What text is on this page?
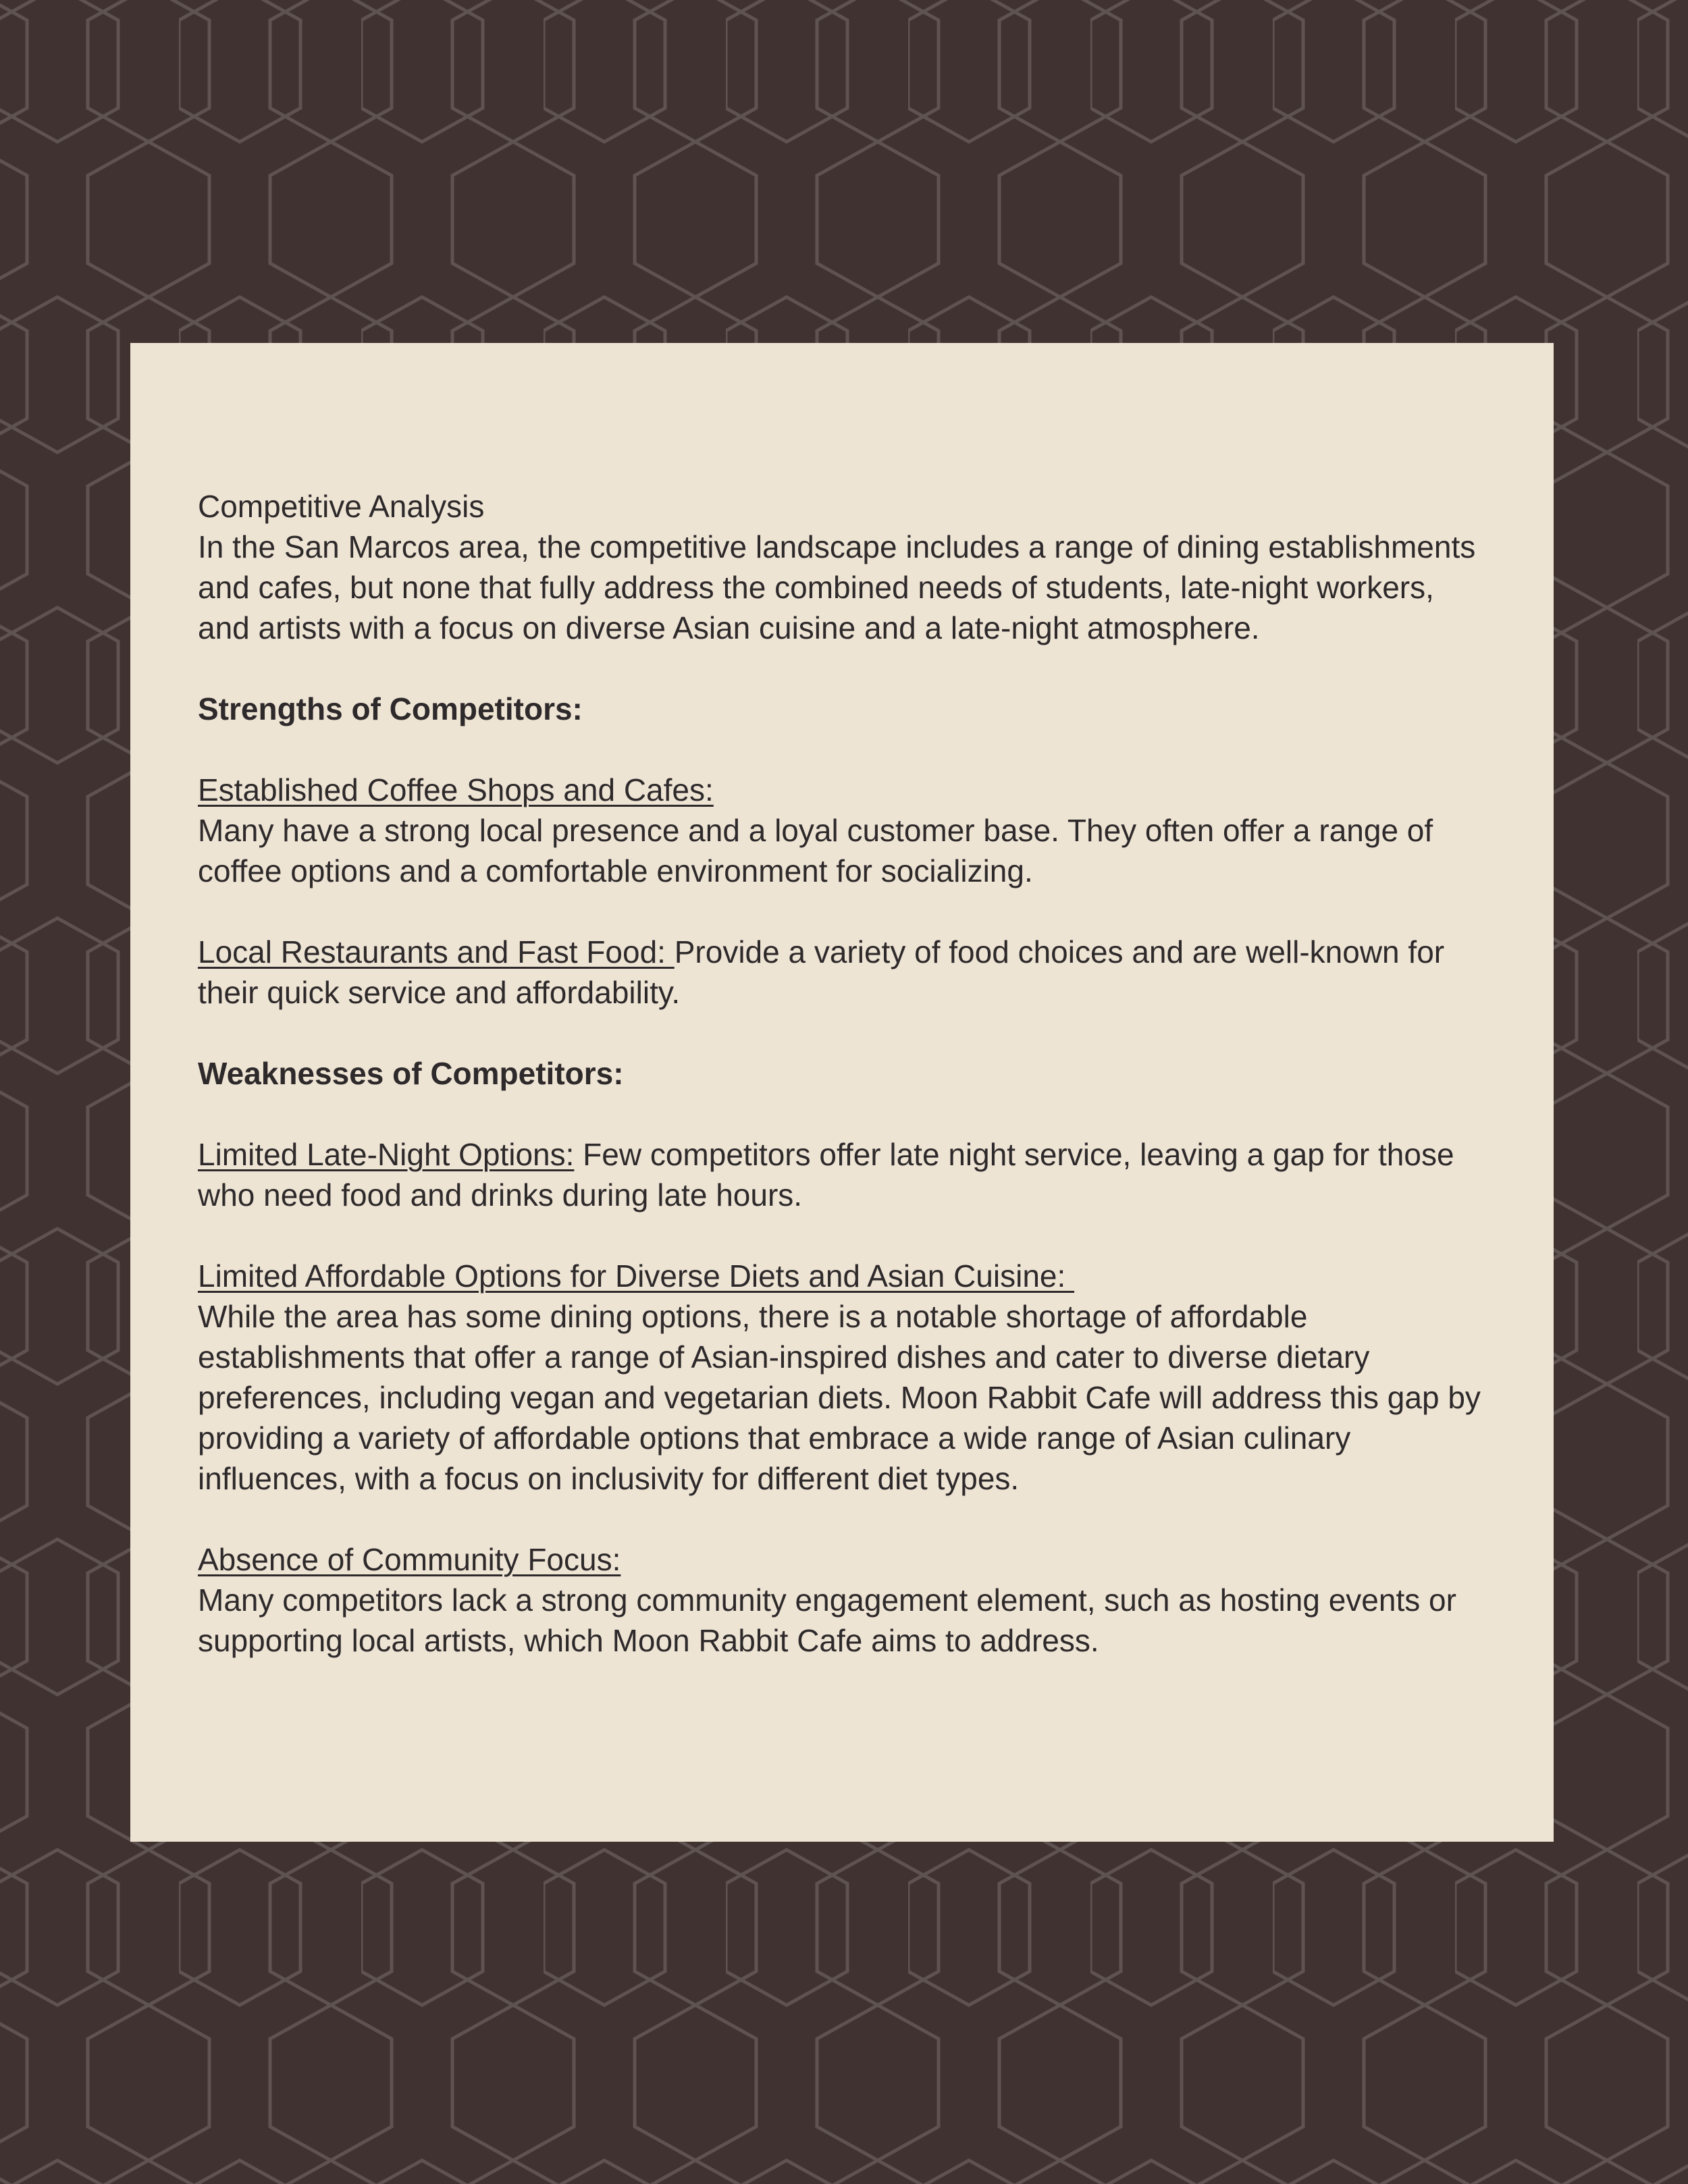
Competitive Analysis

In the San Marcos area, the competitive landscape includes a range of dining establishments and cafes, but none that fully address the combined needs of students, late-night workers, and artists with a focus on diverse Asian cuisine and a late-night atmosphere.

Strengths of Competitors:

Established Coffee Shops and Cafes:

Many have a strong local presence and a loyal customer base. They often offer a range of coffee options and a comfortable environment for socializing.

Local Restaurants and Fast Food: Provide a variety of food choices and are well-known for their quick service and affordability.

Weaknesses of Competitors:

Limited Late-Night Options: Few competitors offer late night service, leaving a gap for those who need food and drinks during late hours.

Limited Affordable Options for Diverse Diets and Asian Cuisine:

While the area has some dining options, there is a notable shortage of affordable establishments that offer a range of Asian-inspired dishes and cater to diverse dietary preferences, including vegan and vegetarian diets. Moon Rabbit Cafe will address this gap by providing a variety of affordable options that embrace a wide range of Asian culinary influences, with a focus on inclusivity for different diet types.

Absence of Community Focus:

Many competitors lack a strong community engagement element, such as hosting events or supporting local artists, which Moon Rabbit Cafe aims to address.
